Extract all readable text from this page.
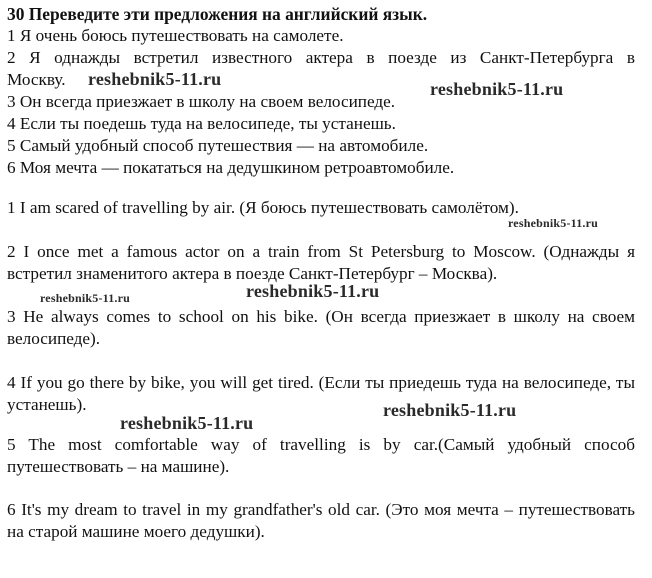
30 Переведите эти предложения на английский язык.
1 Я очень боюсь путешествовать на самолете.
2 Я однажды встретил известного актера в поезде из Санкт-Петербурга в
Москву.
3 Он всегда приезжает в школу на своем велосипеде.
4 Если ты поедешь туда на велосипеде, ты устанешь.
5 Самый удобный способ путешествия — на автомобиле.
6 Моя мечта — покататься на дедушкином ретроавтомобиле.
1 I am scared of travelling by air. (Я боюсь путешествовать самолётом).
2 I once met a famous actor on a train from St Petersburg to Moscow. (Однажды я встретил знаменитого актера в поезде Санкт-Петербург – Москва).
3 He always comes to school on his bike. (Он всегда приезжает в школу на своем велосипеде).
4 If you go there by bike, you will get tired. (Если ты приедешь туда на велосипеде, ты устанешь).
5 The most comfortable way of travelling is by car.(Самый удобный способ путешествовать – на машине).
6 It's my dream to travel in my grandfather's old car. (Это моя мечта – путешествовать на старой машине моего дедушки).
reshebnik5-11.ru	reshebnik5-11.ru
reshebnik5-11.ru
reshebnik5-11.ru	reshebnik5-11.ru
reshebnik5-11.ru
reshebnik5-11.ru
